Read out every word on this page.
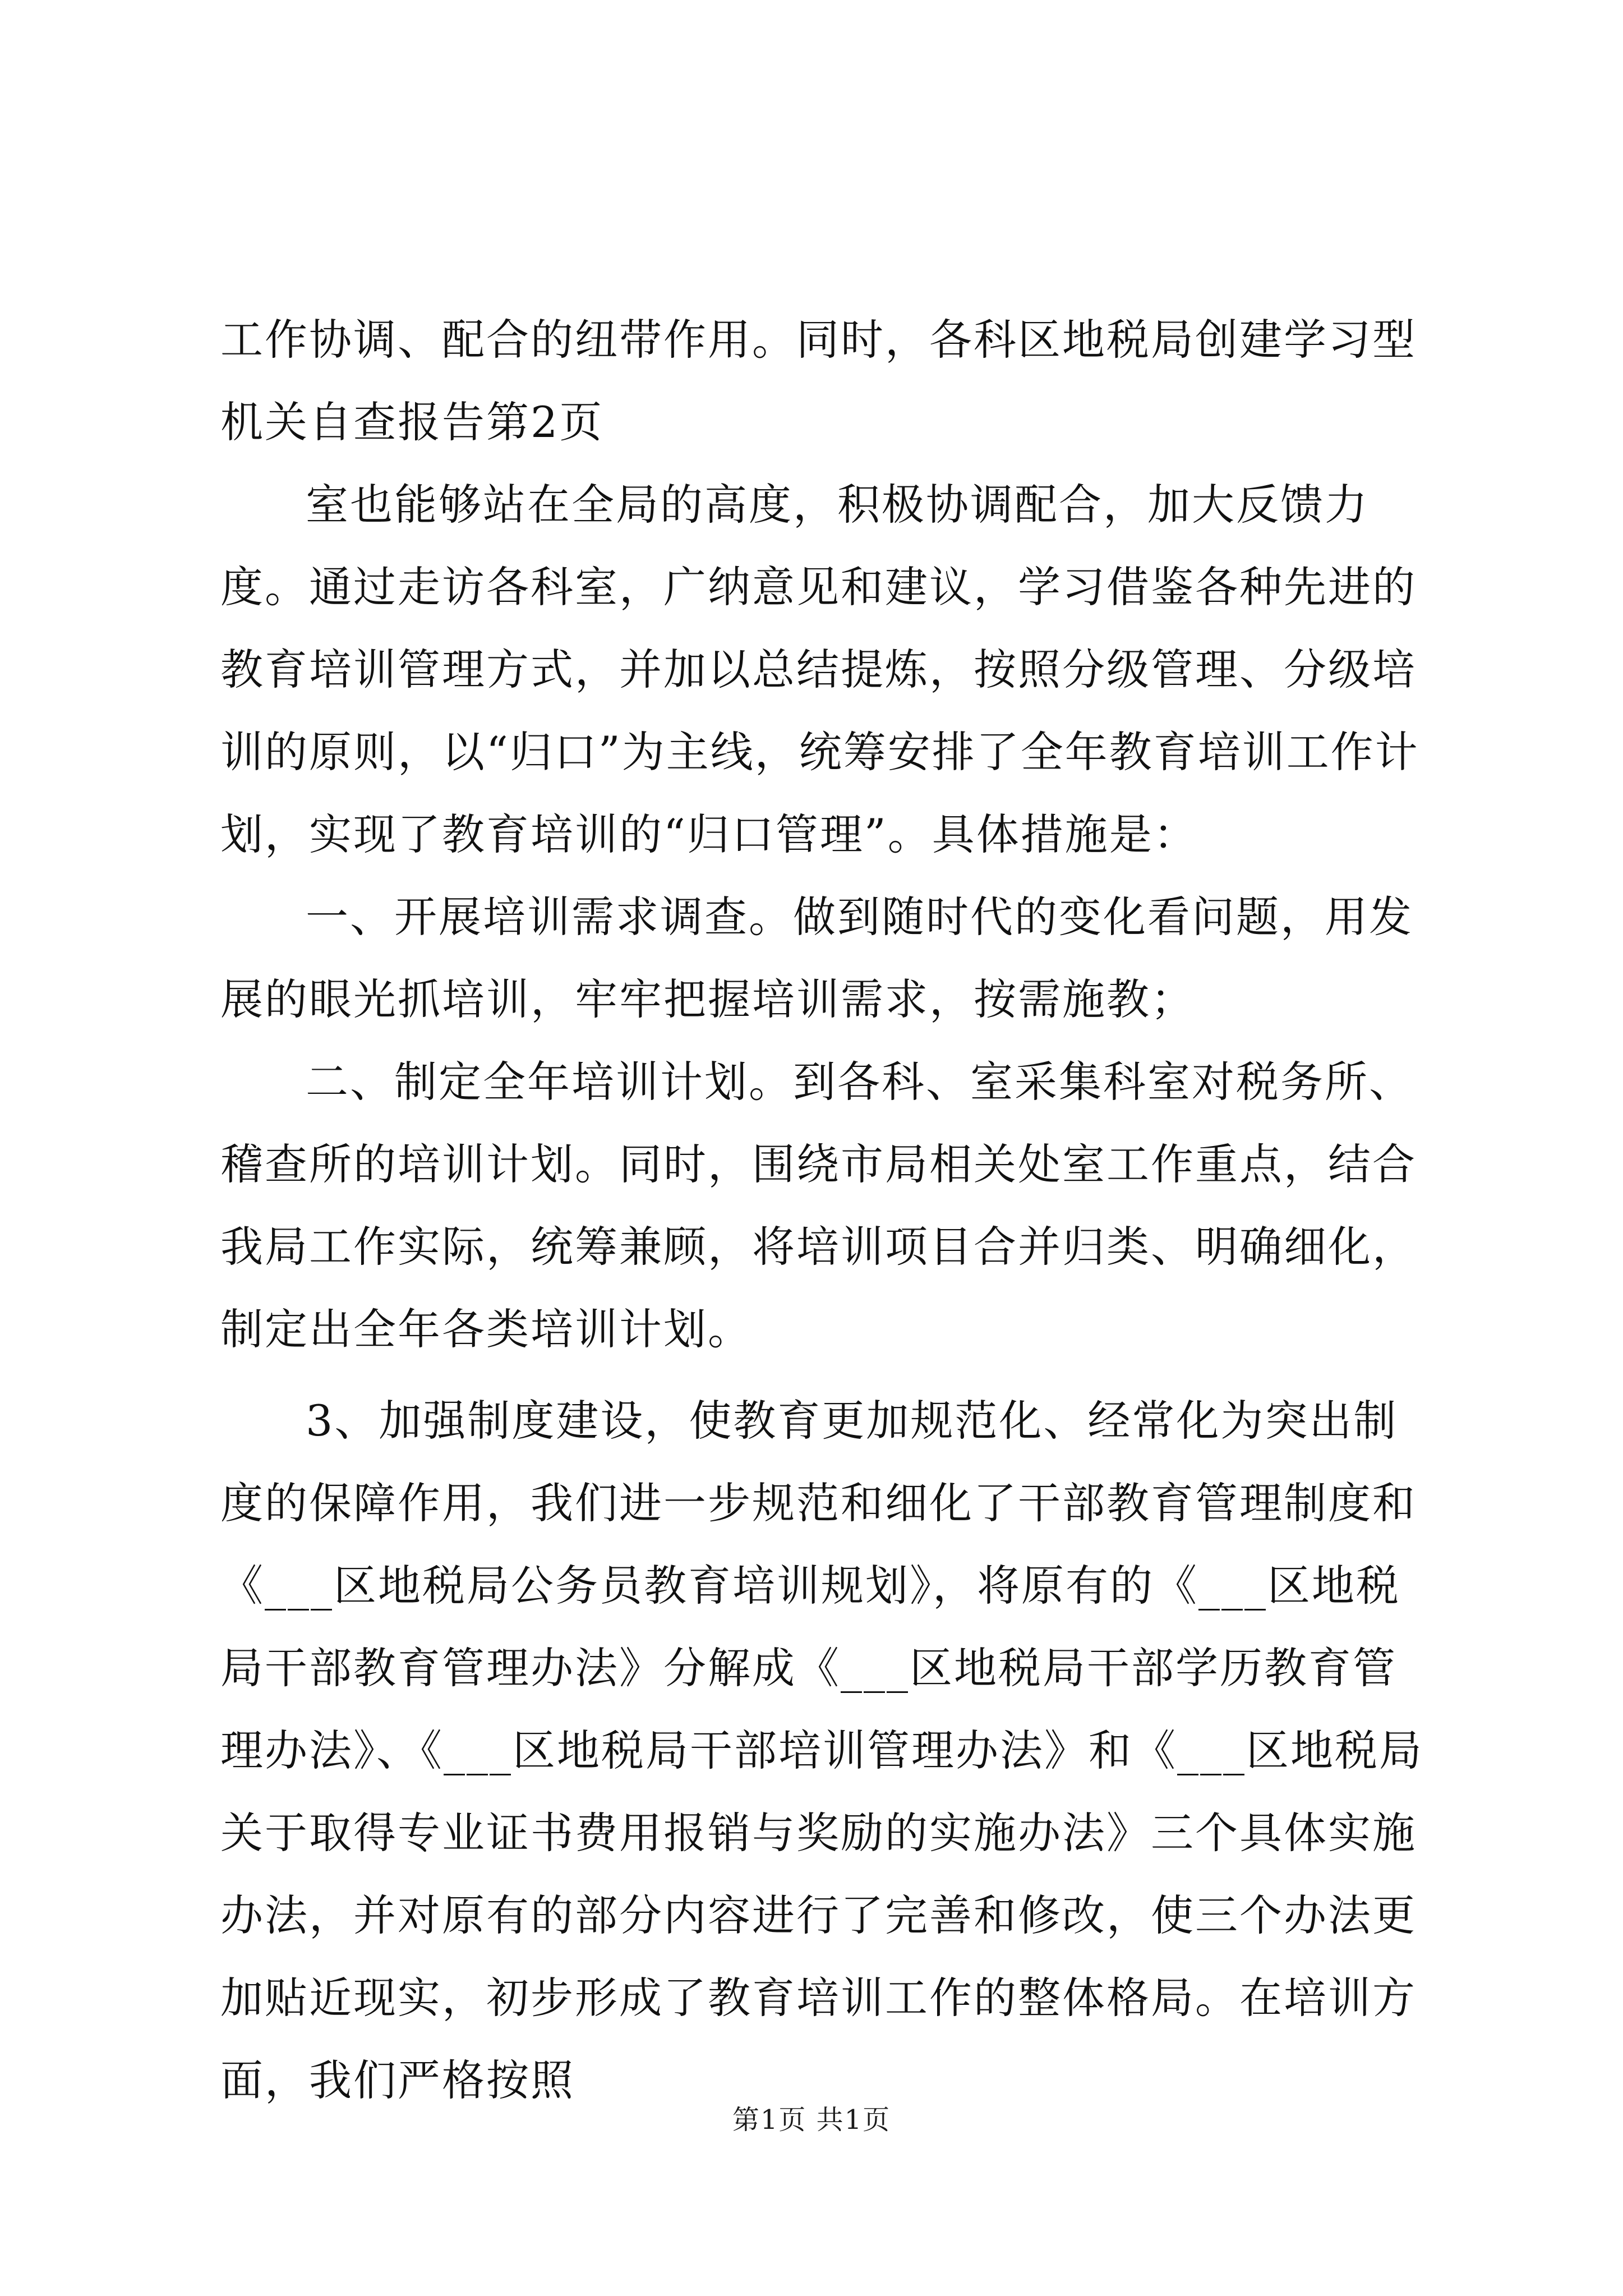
工作协调、配合的纽带作用。同时，各科区地税局创建学习型机关自查报告第2页

室也能够站在全局的高度，积极协调配合，加大反馈力度。通过走访各科室，广纳意见和建议，学习借鉴各种先进的教育培训管理方式，并加以总结提炼，按照分级管理、分级培训的原则，以“归口”为主线，统筹安排了全年教育培训工作计划，实现了教育培训的“归口管理”。具体措施是：

一、开展培训需求调查。做到随时代的变化看问题，用发展的眼光抓培训，牢牢把握培训需求，按需施教；

二、制定全年培训计划。到各科、室采集科室对税务所、稽查所的培训计划。同时，围绕市局相关处室工作重点，结合我局工作实际，统筹兼顾，将培训项目合并归类、明确细化，制定出全年各类培训计划。

3、加强制度建设，使教育更加规范化、经常化为突出制度的保障作用，我们进一步规范和细化了干部教育管理制度和《___区地税局公务员教育培训规划》，将原有的《___区地税局干部教育管理办法》分解成《___区地税局干部学历教育管理办法》、《___区地税局干部培训管理办法》和《___区地税局关于取得专业证书费用报销与奖励的实施办法》三个具体实施办法，并对原有的部分内容进行了完善和修改，使三个办法更加贴近现实，初步形成了教育培训工作的整体格局。在培训方面，我们严格按照

第1页 共1页
